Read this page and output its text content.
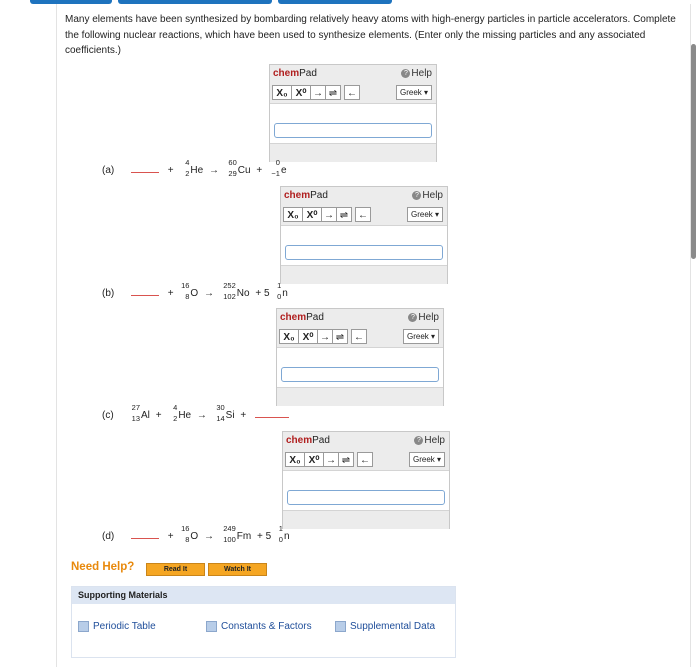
Many elements have been synthesized by bombarding relatively heavy atoms with high-energy particles in particle accelerators. Complete the following nuclear reactions, which have been used to synthesize elements. (Enter only the missing particles and any associated coefficients.)
chemPad	? Help
X₀ X⁰ → ⇌ ←	Greek ▾
chemPad	? Help
X₀ X⁰ → ⇌ ←	Greek ▾
chemPad	? Help
X₀ X⁰ → ⇌ ←	Greek ▾
chemPad	? Help
X₀ X⁰ → ⇌ ←	Greek ▾
(a)	+
4
2 He →
60
29 Cu +
0
−1 e
(b)	+
16
8 O →
252
102 No + 5
1
0 n
(c)
27
13 Al +
4
2 He →
30
14 Si +
(d)	+
16
8 O →
249
100 Fm + 5
1
0 n
Need Help?	Read It	Watch It
Supporting Materials
Periodic Table	Constants & Factors	Supplemental Data
